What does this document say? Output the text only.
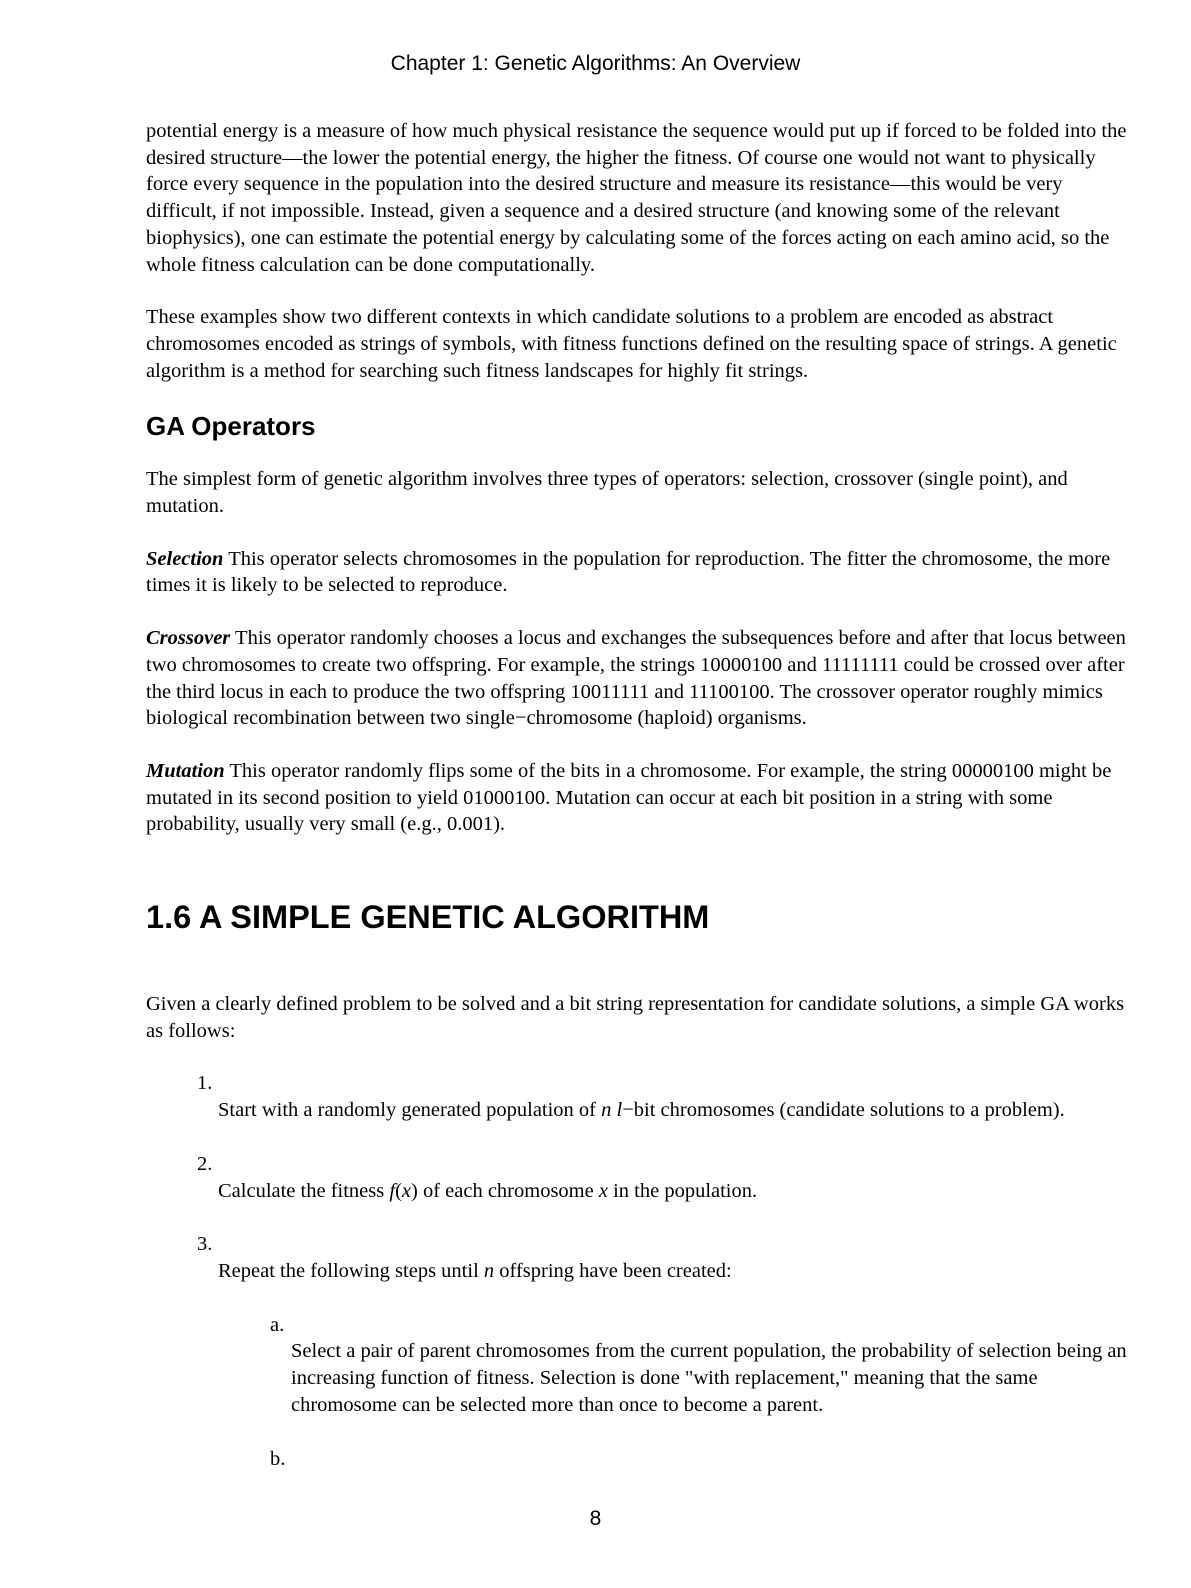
Chapter 1: Genetic Algorithms: An Overview

potential energy is a measure of how much physical resistance the sequence would put up if forced to be folded into the desired structure—the lower the potential energy, the higher the fitness. Of course one would not want to physically force every sequence in the population into the desired structure and measure its resistance—this would be very difficult, if not impossible. Instead, given a sequence and a desired structure (and knowing some of the relevant biophysics), one can estimate the potential energy by calculating some of the forces acting on each amino acid, so the whole fitness calculation can be done computationally.

These examples show two different contexts in which candidate solutions to a problem are encoded as abstract chromosomes encoded as strings of symbols, with fitness functions defined on the resulting space of strings. A genetic algorithm is a method for searching such fitness landscapes for highly fit strings.

GA Operators

The simplest form of genetic algorithm involves three types of operators: selection, crossover (single point), and mutation.

Selection This operator selects chromosomes in the population for reproduction. The fitter the chromosome, the more times it is likely to be selected to reproduce.

Crossover This operator randomly chooses a locus and exchanges the subsequences before and after that locus between two chromosomes to create two offspring. For example, the strings 10000100 and 11111111 could be crossed over after the third locus in each to produce the two offspring 10011111 and 11100100. The crossover operator roughly mimics biological recombination between two single−chromosome (haploid) organisms.

Mutation This operator randomly flips some of the bits in a chromosome. For example, the string 00000100 might be mutated in its second position to yield 01000100. Mutation can occur at each bit position in a string with some probability, usually very small (e.g., 0.001).

1.6 A SIMPLE GENETIC ALGORITHM

Given a clearly defined problem to be solved and a bit string representation for candidate solutions, a simple GA works as follows:

1.
Start with a randomly generated population of n l−bit chromosomes (candidate solutions to a problem).
2.
Calculate the fitness f(x) of each chromosome x in the population.
3.
Repeat the following steps until n offspring have been created:
a.
Select a pair of parent chromosomes from the current population, the probability of selection being an increasing function of fitness. Selection is done "with replacement," meaning that the same chromosome can be selected more than once to become a parent.
b.
8
